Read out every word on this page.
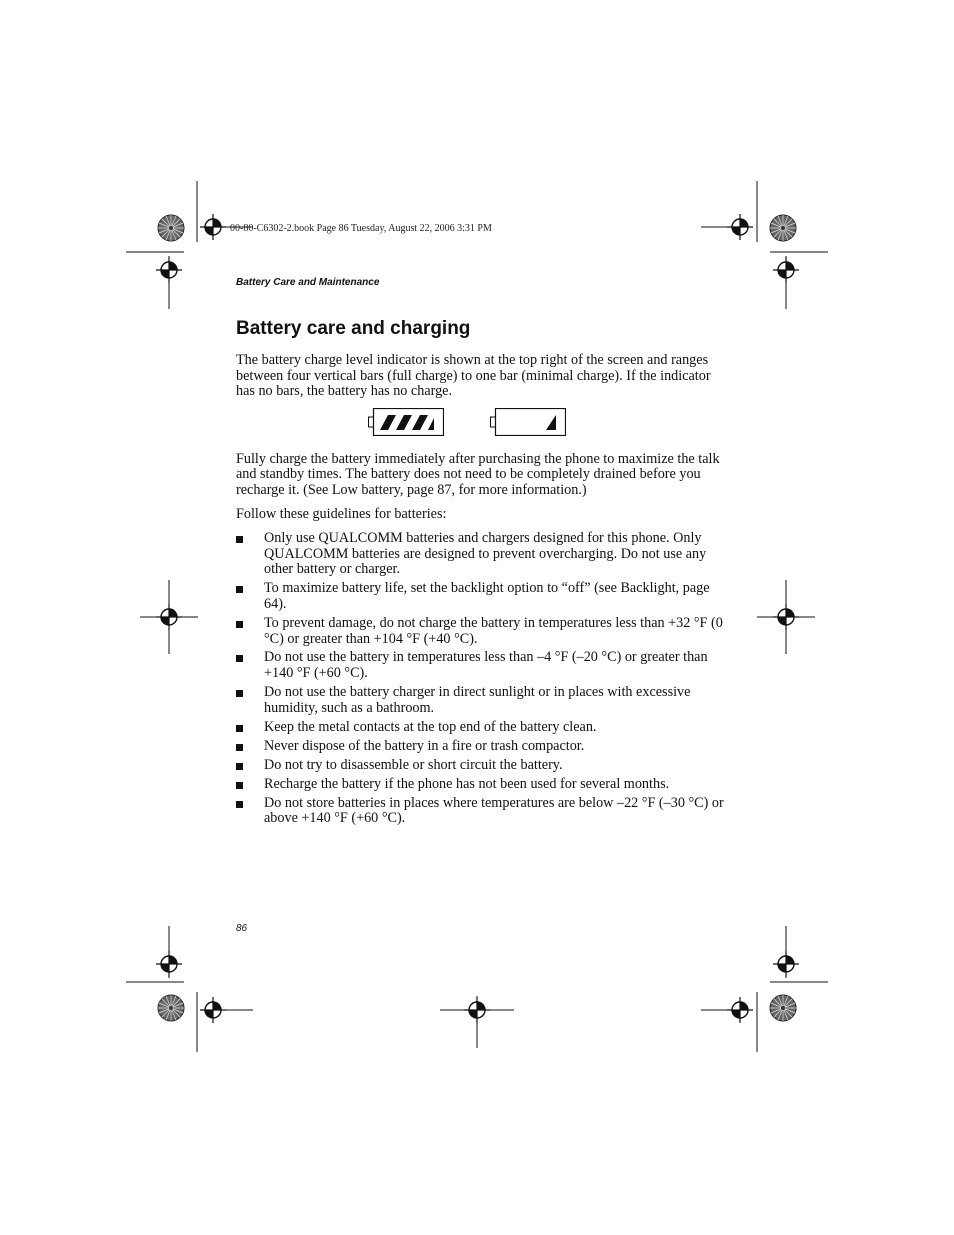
00-80-C6302-2.book Page 86 Tuesday, August 22, 2006 3:31 PM
Battery Care and Maintenance
Battery care and charging

The battery charge level indicator is shown at the top right of the screen and ranges between four vertical bars (full charge) to one bar (minimal charge). If the indicator has no bars, the battery has no charge.

Fully charge the battery immediately after purchasing the phone to maximize the talk and standby times. The battery does not need to be completely drained before you recharge it. (See Low battery, page 87, for more information.)

Follow these guidelines for batteries:

Only use QUALCOMM batteries and chargers designed for this phone. Only QUALCOMM batteries are designed to prevent overcharging. Do not use any other battery or charger.
To maximize battery life, set the backlight option to “off” (see Backlight, page 64).
To prevent damage, do not charge the battery in temperatures less than +32 °F (0 °C) or greater than +104 °F (+40 °C).
Do not use the battery in temperatures less than –4 °F (–20 °C) or greater than +140 °F (+60 °C).
Do not use the battery charger in direct sunlight or in places with excessive humidity, such as a bathroom.
Keep the metal contacts at the top end of the battery clean.
Never dispose of the battery in a fire or trash compactor.
Do not try to disassemble or short circuit the battery.
Recharge the battery if the phone has not been used for several months.
Do not store batteries in places where temperatures are below –22 °F (–30 °C) or above +140 °F (+60 °C).
86
